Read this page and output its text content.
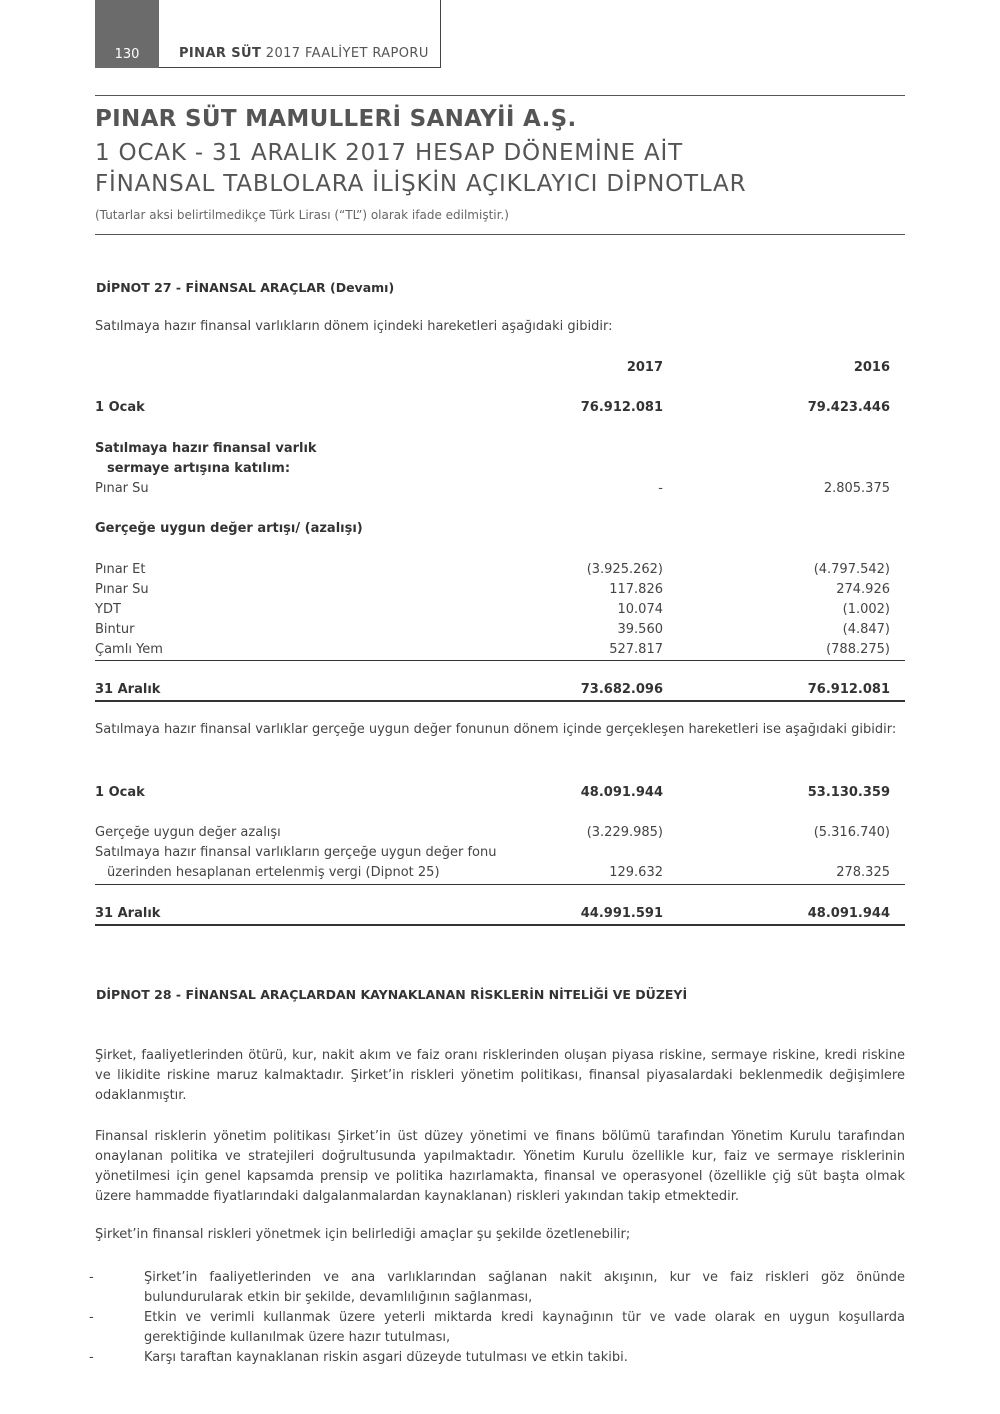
130	PINAR SÜT 2017 FAALİYET RAPORU
PINAR SÜT MAMULLERİ SANAYİİ A.Ş.
1 OCAK - 31 ARALIK 2017 HESAP DÖNEMİNE AİT
FİNANSAL TABLOLARA İLİŞKİN AÇIKLAYICI DİPNOTLAR
(Tutarlar aksi belirtilmedikçe Türk Lirası (“TL”) olarak ifade edilmiştir.)
DİPNOT 27 - FİNANSAL ARAÇLAR (Devamı)
Satılmaya hazır finansal varlıkların dönem içindeki hareketleri aşağıdaki gibidir:
2017	2016
1 Ocak	76.912.081	79.423.446
Satılmaya hazır finansal varlık
sermaye artışına katılım:
Pınar Su	-	2.805.375
Gerçeğe uygun değer artışı/ (azalışı)
Pınar Et	(3.925.262)	(4.797.542)
Pınar Su	117.826	274.926
YDT	10.074	(1.002)
Bintur	39.560	(4.847)
Çamlı Yem	527.817	(788.275)
31 Aralık	73.682.096	76.912.081
Satılmaya hazır finansal varlıklar gerçeğe uygun değer fonunun dönem içinde gerçekleşen hareketleri ise aşağıdaki gibidir:
1 Ocak	48.091.944	53.130.359
Gerçeğe uygun değer azalışı	(3.229.985)	(5.316.740)
Satılmaya hazır finansal varlıkların gerçeğe uygun değer fonu
üzerinden hesaplanan ertelenmiş vergi (Dipnot 25)	129.632	278.325
31 Aralık	44.991.591	48.091.944
DİPNOT 28 - FİNANSAL ARAÇLARDAN KAYNAKLANAN RİSKLERİN NİTELİĞİ VE DÜZEYİ

Şirket, faaliyetlerinden ötürü, kur, nakit akım ve faiz oranı risklerinden oluşan piyasa riskine, sermaye riskine, kredi riskine ve likidite riskine maruz kalmaktadır. Şirket’in riskleri yönetim politikası, finansal piyasalardaki beklenmedik değişimlere odaklanmıştır.

Finansal risklerin yönetim politikası Şirket’in üst düzey yönetimi ve finans bölümü tarafından Yönetim Kurulu tarafından onaylanan politika ve stratejileri doğrultusunda yapılmaktadır. Yönetim Kurulu özellikle kur, faiz ve sermaye risklerinin yönetilmesi için genel kapsamda prensip ve politika hazırlamakta, finansal ve operasyonel (özellikle çiğ süt başta olmak üzere hammadde fiyatlarındaki dalgalanmalardan kaynaklanan) riskleri yakından takip etmektedir.

Şirket’in finansal riskleri yönetmek için belirlediği amaçlar şu şekilde özetlenebilir;
-	Şirket’in faaliyetlerinden ve ana varlıklarından sağlanan nakit akışının, kur ve faiz riskleri göz önünde bulundurularak etkin bir şekilde, devamlılığının sağlanması,
-	Etkin ve verimli kullanmak üzere yeterli miktarda kredi kaynağının tür ve vade olarak en uygun koşullarda gerektiğinde kullanılmak üzere hazır tutulması,
-	Karşı taraftan kaynaklanan riskin asgari düzeyde tutulması ve etkin takibi.
